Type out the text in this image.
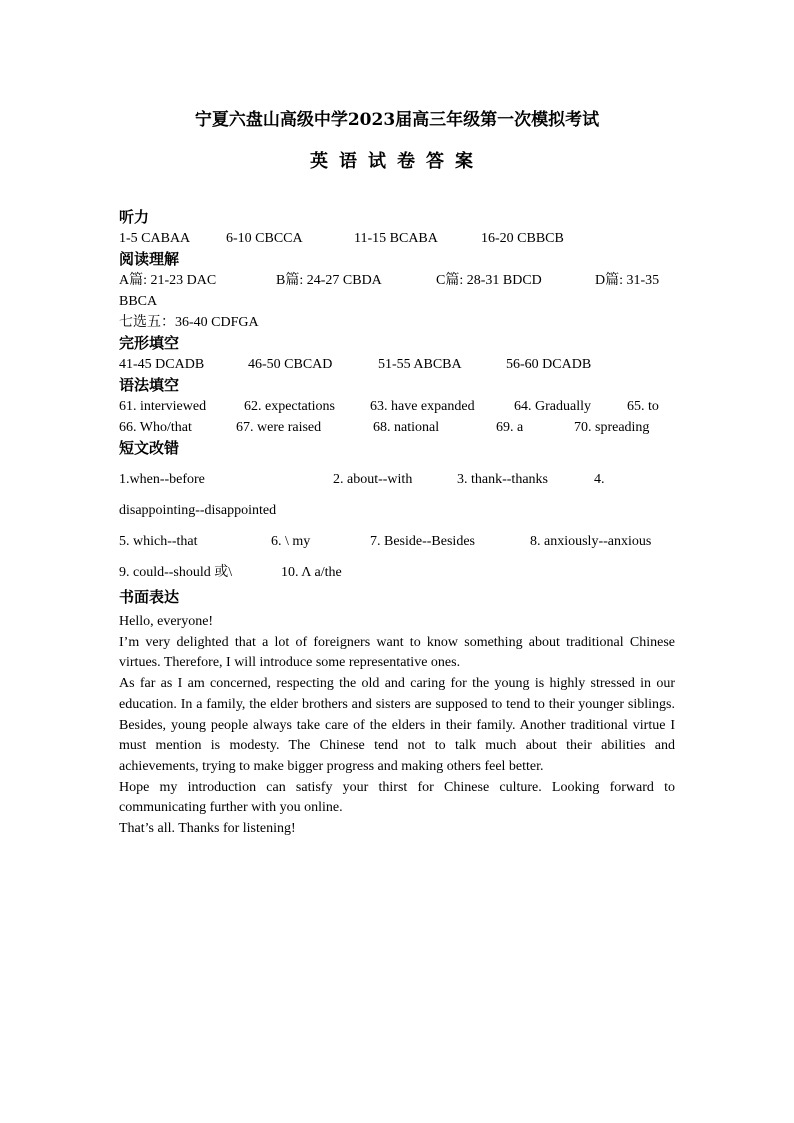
宁夏六盘山高级中学2023届高三年级第一次模拟考试
英语试卷答案
听力
1-5 CABAA	6-10 CBCCA	11-15 BCABA	16-20 CBBCB
阅读理解
A篇: 21-23 DAC	B篇: 24-27 CBDA	C篇: 28-31 BDCD	D篇: 31-35
BBCA
七选五：36-40 CDFGA
完形填空
41-45 DCADB	46-50 CBCAD	51-55 ABCBA	56-60 DCADB
语法填空
61. interviewed	62. expectations	63. have expanded	64. Gradually	65. to
66. Who/that	67. were raised	68. national	69. a	70. spreading
短文改错
1.when--before	2. about--with	3. thank--thanks	4.
disappointing--disappointed
5. which--that	6. \ my	7. Beside--Besides	8. anxiously--anxious
9. could--should 或\	10. Λ a/the
书面表达

Hello, everyone!

I’m very delighted that a lot of foreigners want to know something about traditional Chinese virtues. Therefore, I will introduce some representative ones.

As far as I am concerned, respecting the old and caring for the young is highly stressed in our education. In a family, the elder brothers and sisters are supposed to tend to their younger siblings. Besides, young people always take care of the elders in their family. Another traditional virtue I must mention is modesty. The Chinese tend not to talk much about their abilities and achievements, trying to make bigger progress and making others feel better.

Hope my introduction can satisfy your thirst for Chinese culture. Looking forward to communicating further with you online.

That’s all. Thanks for listening!
